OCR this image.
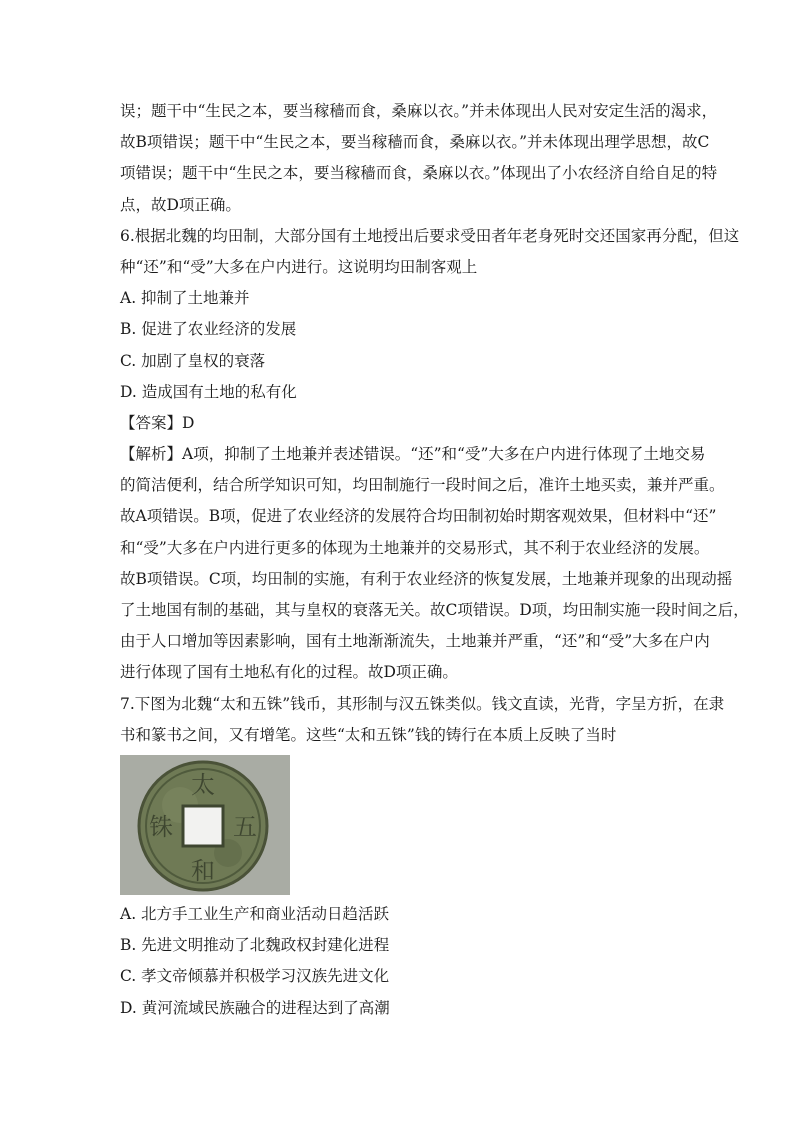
误；题干中“生民之本，要当稼穑而食，桑麻以衣。”并未体现出人民对安定生活的渴求，
故B项错误；题干中“生民之本，要当稼穑而食，桑麻以衣。”并未体现出理学思想，故C
项错误；题干中“生民之本，要当稼穑而食，桑麻以衣。”体现出了小农经济自给自足的特
点，故D项正确。
6.根据北魏的均田制，大部分国有土地授出后要求受田者年老身死时交还国家再分配，但这
种“还”和“受”大多在户内进行。这说明均田制客观上
A. 抑制了土地兼并
B. 促进了农业经济的发展
C. 加剧了皇权的衰落
D. 造成国有土地的私有化
【答案】D
【解析】A项，抑制了土地兼并表述错误。“还”和“受”大多在户内进行体现了土地交易
的简洁便利，结合所学知识可知，均田制施行一段时间之后，准许土地买卖，兼并严重。
故A项错误。B项，促进了农业经济的发展符合均田制初始时期客观效果，但材料中“还”
和“受”大多在户内进行更多的体现为土地兼并的交易形式，其不利于农业经济的发展。
故B项错误。C项，均田制的实施，有利于农业经济的恢复发展，土地兼并现象的出现动摇
了土地国有制的基础，其与皇权的衰落无关。故C项错误。D项，均田制实施一段时间之后，
由于人口增加等因素影响，国有土地渐渐流失，土地兼并严重，“还”和“受”大多在户内
进行体现了国有土地私有化的过程。故D项正确。
7.下图为北魏“太和五铢”钱币，其形制与汉五铢类似。钱文直读，光背，字呈方折，在隶
书和篆书之间，又有增笔。这些“太和五铢”钱的铸行在本质上反映了当时
太
和
五
铢
A. 北方手工业生产和商业活动日趋活跃
B. 先进文明推动了北魏政权封建化进程
C. 孝文帝倾慕并积极学习汉族先进文化
D. 黄河流域民族融合的进程达到了高潮
